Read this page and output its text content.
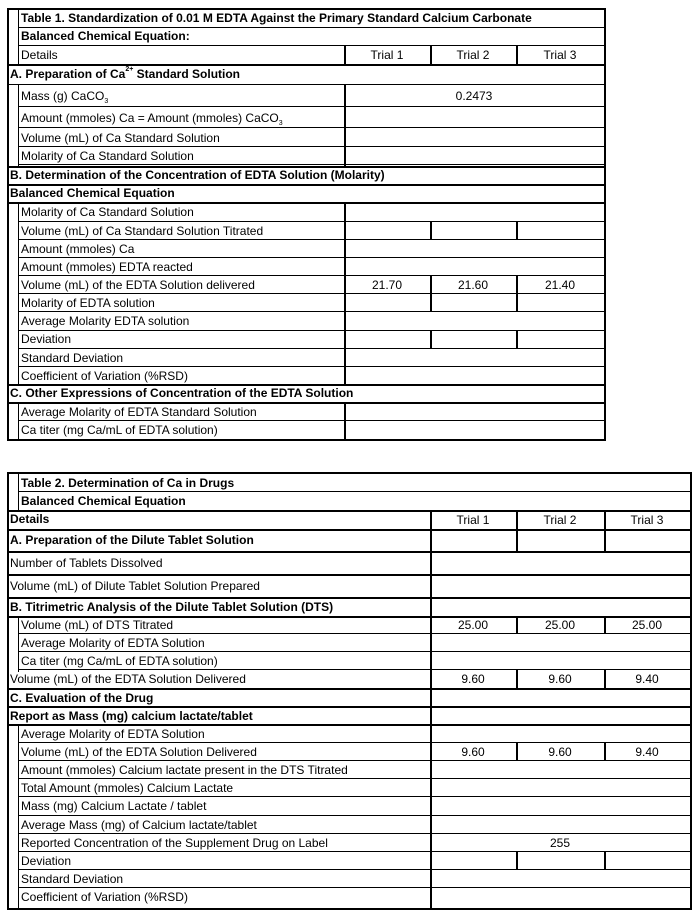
Table 1. Standardization of 0.01 M EDTA Against the Primary Standard Calcium Carbonate
Balanced Chemical Equation:
Details	Trial 1	Trial 2	Trial 3
A. Preparation of $Ca^{2+}$ Standard Solution
Mass (g) CaCO$_3$	0.2473
Amount (mmoles) Ca = Amount (mmoles) CaCO$_3$
Volume (mL) of Ca Standard Solution
Molarity of Ca Standard Solution
B. Determination of the Concentration of EDTA Solution (Molarity)
Balanced Chemical Equation
Molarity of Ca Standard Solution
Volume (mL) of Ca Standard Solution Titrated
Amount (mmoles) Ca
Amount (mmoles) EDTA reacted
Volume (mL) of the EDTA Solution delivered	21.70	21.60	21.40
Molarity of EDTA solution
Average Molarity EDTA solution
Deviation
Standard Deviation
Coefficient of Variation (%RSD)
C. Other Expressions of Concentration of the EDTA Solution
Average Molarity of EDTA Standard Solution
Ca titer (mg Ca/mL of EDTA solution)
Table 2. Determination of Ca in Drugs
Balanced Chemical Equation
Details	Trial 1	Trial 2	Trial 3
A. Preparation of the Dilute Tablet Solution
Number of Tablets Dissolved
Volume (mL) of Dilute Tablet Solution Prepared
B. Titrimetric Analysis of the Dilute Tablet Solution (DTS)
Volume (mL) of DTS Titrated	25.00	25.00	25.00
Average Molarity of EDTA Solution
Ca titer (mg Ca/mL of EDTA solution)
Volume (mL) of the EDTA Solution Delivered	9.60	9.60	9.40
C. Evaluation of the Drug
Report as Mass (mg) calcium lactate/tablet
Average Molarity of EDTA Solution
Volume (mL) of the EDTA Solution Delivered	9.60	9.60	9.40
Amount (mmoles) Calcium lactate present in the DTS Titrated
Total Amount (mmoles) Calcium Lactate
Mass (mg) Calcium Lactate / tablet
Average Mass (mg) of Calcium lactate/tablet
Reported Concentration of the Supplement Drug on Label	255
Deviation
Standard Deviation
Coefficient of Variation (%RSD)
